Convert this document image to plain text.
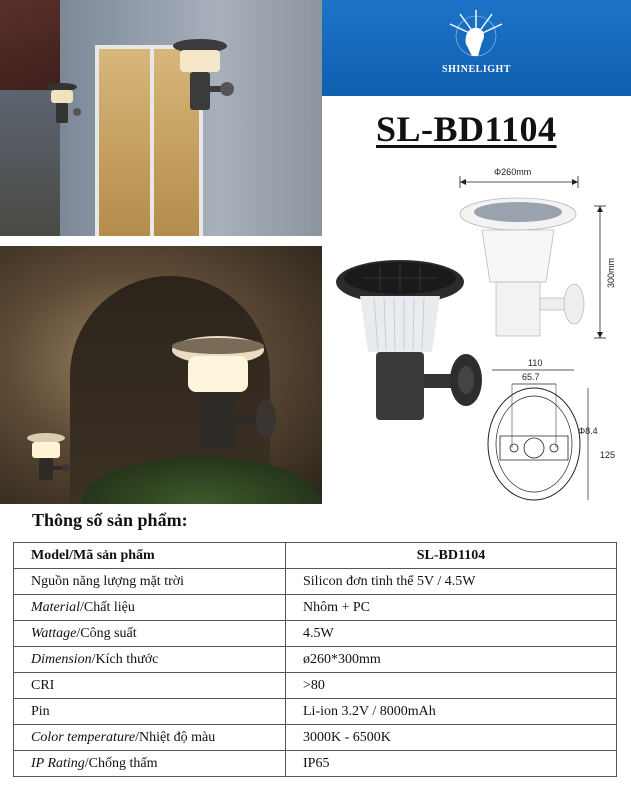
SHINELIGHT
SL-BD1104
Φ260mm
300mm
110
65.7
Φ8.4
125
Thông số sản phẩm:
Model/Mã sản phẩm	SL-BD1104
Nguồn năng lượng mặt trời	Silicon đơn tinh thể 5V / 4.5W
Material/Chất liệu	Nhôm + PC
Wattage/Công suất	4.5W
Dimension/Kích thước	ø260*300mm
CRI	>80
Pin	Li-ion 3.2V / 8000mAh
Color temperature/Nhiệt độ màu	3000K - 6500K
IP Rating/Chống thấm	IP65
